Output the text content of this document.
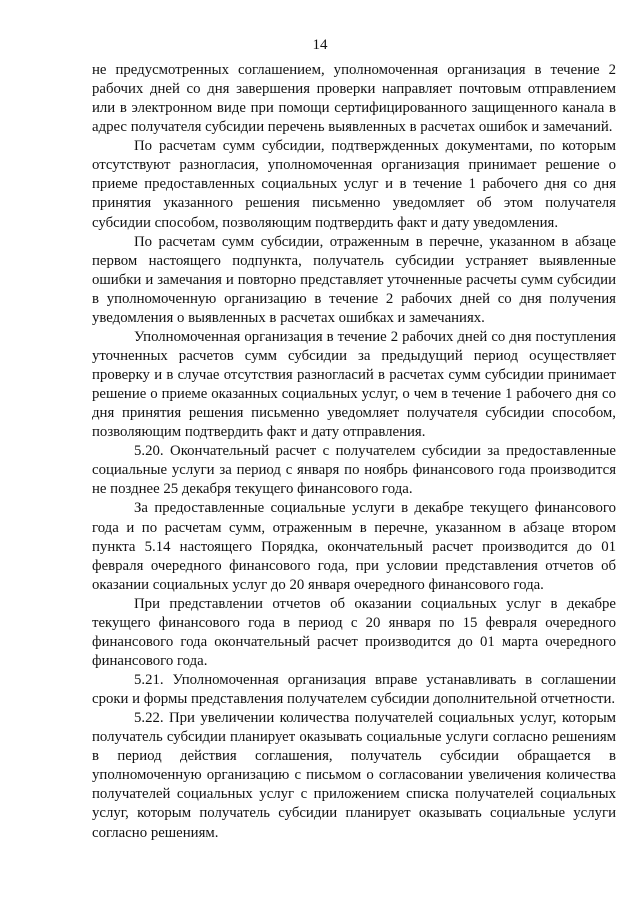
14

не предусмотренных соглашением, уполномоченная организация в течение 2 рабочих дней со дня завершения проверки направляет почтовым отправлением или в электронном виде при помощи сертифицированного защищенного канала в адрес получателя субсидии перечень выявленных в расчетах ошибок и замечаний.

По расчетам сумм субсидии, подтвержденных документами, по которым отсутствуют разногласия, уполномоченная организация принимает решение о приеме предоставленных социальных услуг и в течение 1 рабочего дня со дня принятия указанного решения письменно уведомляет об этом получателя субсидии способом, позволяющим подтвердить факт и дату уведомления.

По расчетам сумм субсидии, отраженным в перечне, указанном в абзаце первом настоящего подпункта, получатель субсидии устраняет выявленные ошибки и замечания и повторно представляет уточненные расчеты сумм субсидии в уполномоченную организацию в течение 2 рабочих дней со дня получения уведомления о выявленных в расчетах ошибках и замечаниях.

Уполномоченная организация в течение 2 рабочих дней со дня поступления уточненных расчетов сумм субсидии за предыдущий период осуществляет проверку и в случае отсутствия разногласий в расчетах сумм субсидии принимает решение о приеме оказанных социальных услуг, о чем в течение 1 рабочего дня со дня принятия решения письменно уведомляет получателя субсидии способом, позволяющим подтвердить факт и дату отправления.

5.20. Окончательный расчет с получателем субсидии за предоставленные социальные услуги за период с января по ноябрь финансового года производится не позднее 25 декабря текущего финансового года.

За предоставленные социальные услуги в декабре текущего финансового года и по расчетам сумм, отраженным в перечне, указанном в абзаце втором пункта 5.14 настоящего Порядка, окончательный расчет производится до 01 февраля очередного финансового года, при условии представления отчетов об оказании социальных услуг до 20 января очередного финансового года.

При представлении отчетов об оказании социальных услуг в декабре текущего финансового года в период с 20 января по 15 февраля очередного финансового года окончательный расчет производится до 01 марта очередного финансового года.

5.21. Уполномоченная организация вправе устанавливать в соглашении сроки и формы представления получателем субсидии дополнительной отчетности.

5.22. При увеличении количества получателей социальных услуг, которым получатель субсидии планирует оказывать социальные услуги согласно решениям в период действия соглашения, получатель субсидии обращается в уполномоченную организацию с письмом о согласовании увеличения количества получателей социальных услуг с приложением списка получателей социальных услуг, которым получатель субсидии планирует оказывать социальные услуги согласно решениям.
